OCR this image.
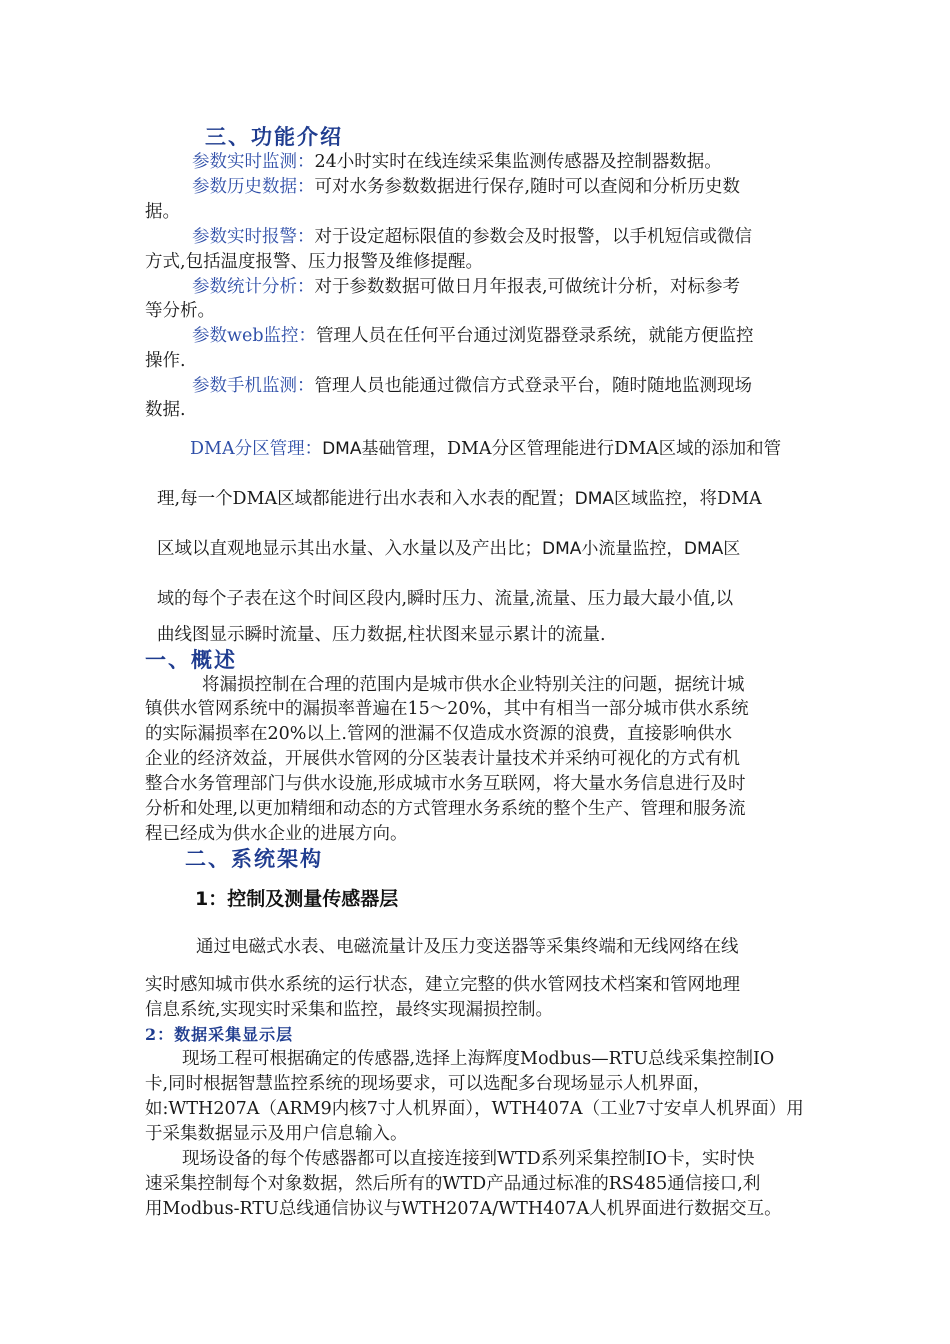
三、功能介绍
参数实时监测：24小时实时在线连续采集监测传感器及控制器数据。
参数历史数据：可对水务参数数据进行保存,随时可以查阅和分析历史数
据。
参数实时报警：对于设定超标限值的参数会及时报警，以手机短信或微信
方式,包括温度报警、压力报警及维修提醒。
参数统计分析：对于参数数据可做日月年报表,可做统计分析，对标参考
等分析。
参数web监控：管理人员在任何平台通过浏览器登录系统，就能方便监控
操作.
参数手机监测：管理人员也能通过微信方式登录平台，随时随地监测现场
数据.
DMA分区管理：DMA基础管理，DMA分区管理能进行DMA区域的添加和管
理,每一个DMA区域都能进行出水表和入水表的配置；DMA区域监控，将DMA
区域以直观地显示其出水量、入水量以及产出比；DMA小流量监控，DMA区
域的每个子表在这个时间区段内,瞬时压力、流量,流量、压力最大最小值,以
曲线图显示瞬时流量、压力数据,柱状图来显示累计的流量.
一、概述
将漏损控制在合理的范围内是城市供水企业特别关注的问题，据统计城
镇供水管网系统中的漏损率普遍在15～20%，其中有相当一部分城市供水系统
的实际漏损率在20%以上.管网的泄漏不仅造成水资源的浪费，直接影响供水
企业的经济效益，开展供水管网的分区装表计量技术并采纳可视化的方式有机
整合水务管理部门与供水设施,形成城市水务互联网，将大量水务信息进行及时
分析和处理,以更加精细和动态的方式管理水务系统的整个生产、管理和服务流
程已经成为供水企业的进展方向。
二、系统架构
1：控制及测量传感器层
通过电磁式水表、电磁流量计及压力变送器等采集终端和无线网络在线
实时感知城市供水系统的运行状态，建立完整的供水管网技术档案和管网地理
信息系统,实现实时采集和监控，最终实现漏损控制。
2：数据采集显示层
现场工程可根据确定的传感器,选择上海辉度Modbus—RTU总线采集控制IO
卡,同时根据智慧监控系统的现场要求，可以选配多台现场显示人机界面，
如:WTH207A（ARM9内核7寸人机界面），WTH407A（工业7寸安卓人机界面）用
于采集数据显示及用户信息输入。
现场设备的每个传感器都可以直接连接到WTD系列采集控制IO卡，实时快
速采集控制每个对象数据，然后所有的WTD产品通过标准的RS485通信接口,利
用Modbus-RTU总线通信协议与WTH207A/WTH407A人机界面进行数据交互。
